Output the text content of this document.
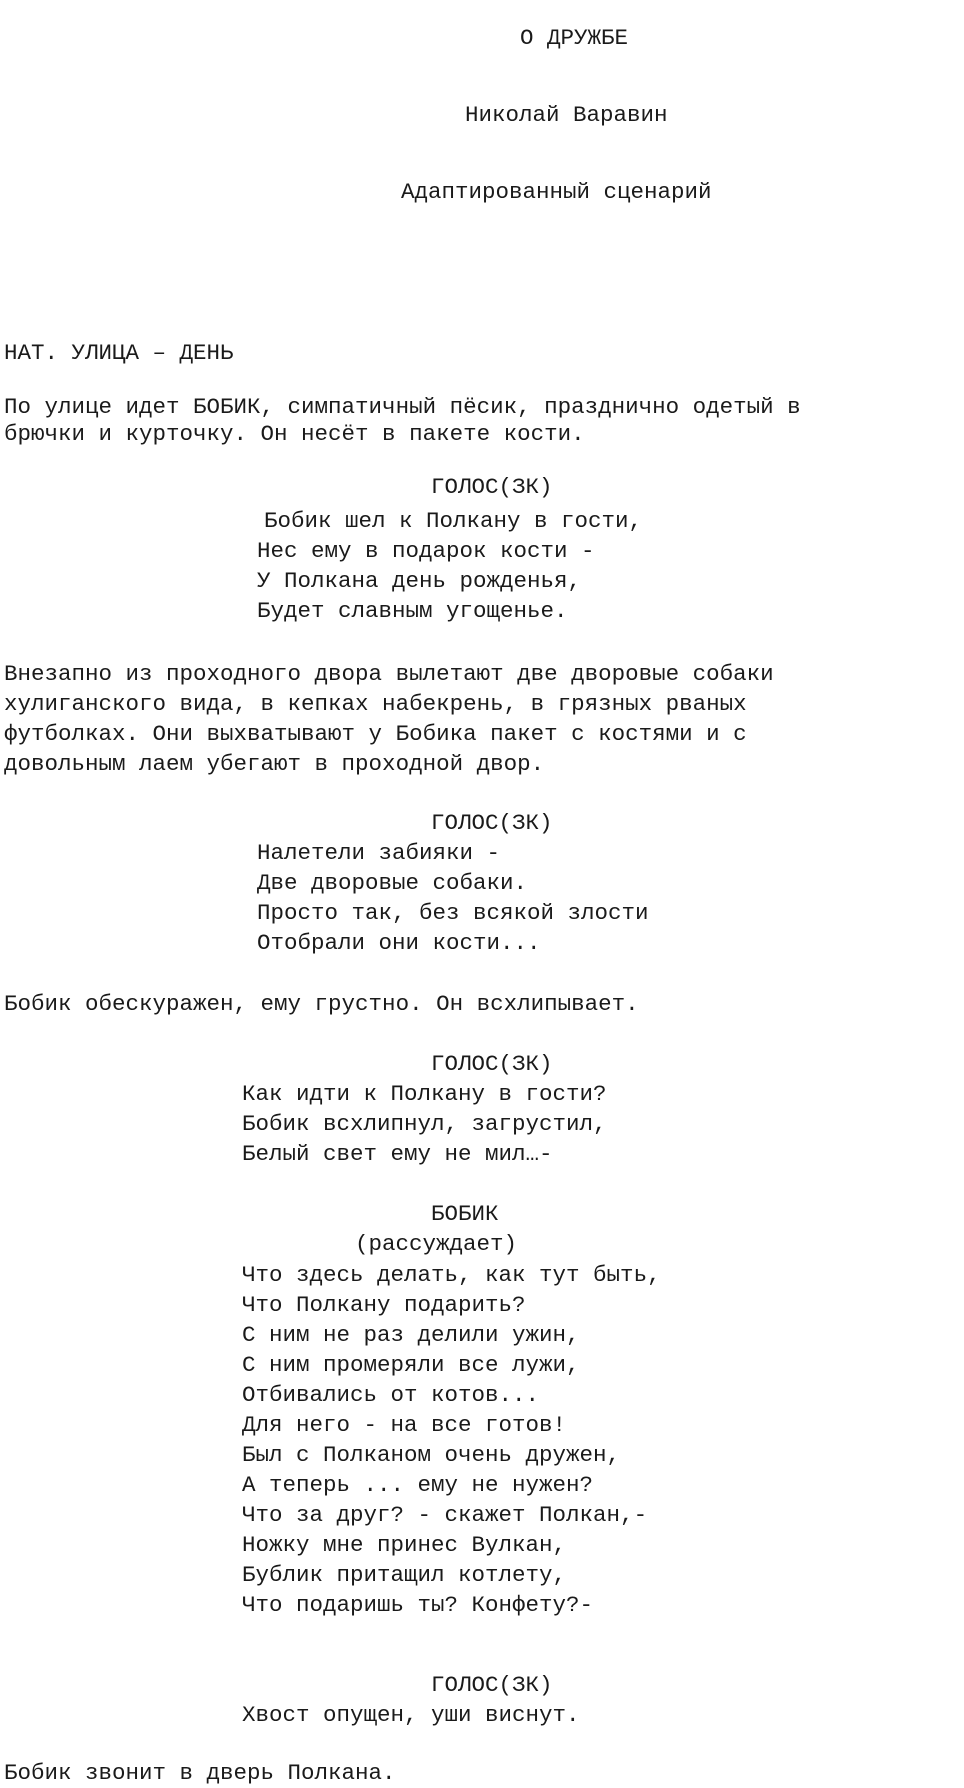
О ДРУЖБЕ
Николай Варавин
Адаптированный сценарий
НАТ. УЛИЦА – ДЕНЬ
По улице идет БОБИК, симпатичный пёсик, празднично одетый в
брючки и курточку. Он несёт в пакете кости.
ГОЛОС(ЗК)
Бобик шел к Полкану в гости,
Нес ему в подарок кости -
У Полкана день рожденья,
Будет славным угощенье.
Внезапно из проходного двора вылетают две дворовые собаки
хулиганского вида, в кепках набекрень, в грязных рваных
футболках. Они выхватывают у Бобика пакет с костями и с
довольным лаем убегают в проходной двор.
ГОЛОС(ЗК)
Налетели забияки -
Две дворовые собаки.
Просто так, без всякой злости
Отобрали они кости...
Бобик обескуражен, ему грустно. Он всхлипывает.
ГОЛОС(ЗК)
Как идти к Полкану в гости?
Бобик всхлипнул, загрустил,
Белый свет ему не мил…-
БОБИК
(рассуждает)
Что здесь делать, как тут быть,
Что Полкану подарить?
С ним не раз делили ужин,
С ним промеряли все лужи,
Отбивались от котов...
Для него - на все готов!
Был с Полканом очень дружен,
А теперь ... ему не нужен?
Что за друг? - скажет Полкан,-
Ножку мне принес Вулкан,
Бублик притащил котлету,
Что подаришь ты? Конфету?-
ГОЛОС(ЗК)
Хвост опущен, уши виснут.
Бобик звонит в дверь Полкана.
